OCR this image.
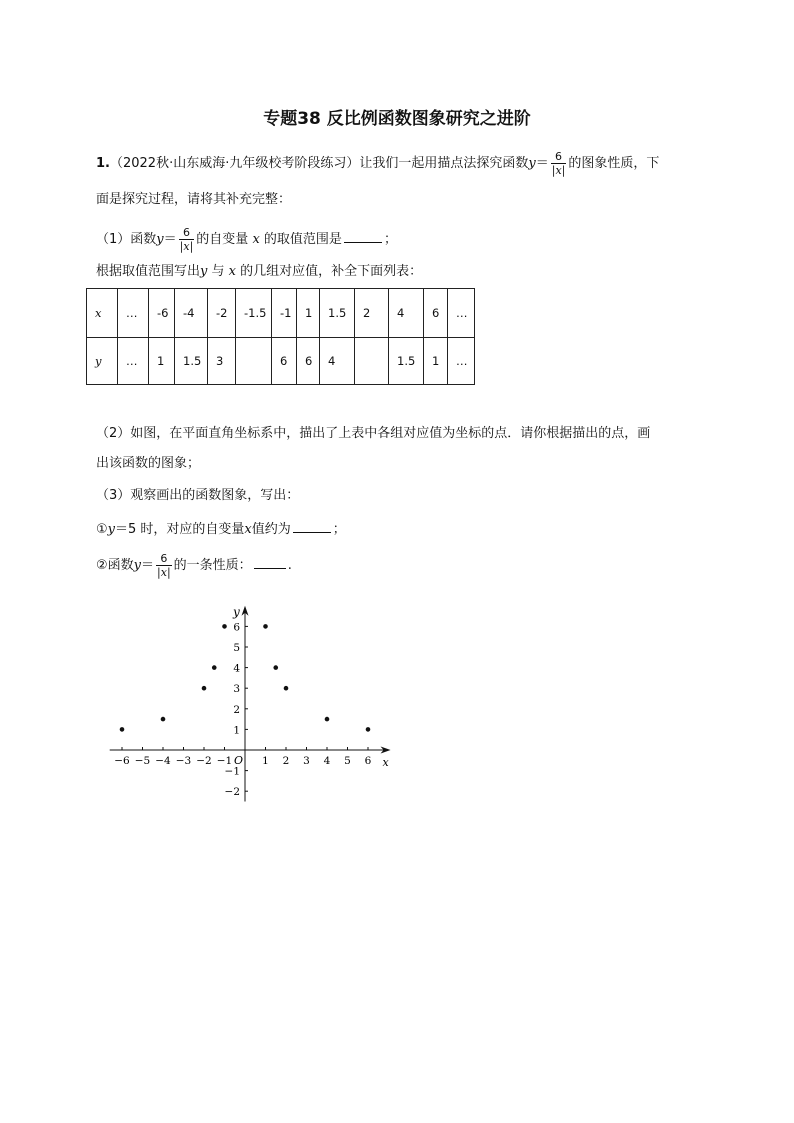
专题38 反比例函数图象研究之进阶
1.（2022秋·山东威海·九年级校考阶段练习）让我们一起用描点法探究函数$y= \frac{6}{|x|}$ 的图象性质，下
面是探究过程，请将其补充完整：
（1）函数$y= \frac{6}{|x|}$ 的自变量 x 的取值范围是	；
根据取值范围写出y 与 x 的几组对应值，补全下面列表：
x	…	-6	-4	-2	-1.5	-1	1	1.5	2	4	6	…
y	…	1	1.5	3		6	6	4		1.5	1	…
（2）如图，在平面直角坐标系中，描出了上表中各组对应值为坐标的点．请你根据描出的点，画
出该函数的图象；
（3）观察画出的函数图象，写出：
①y＝5 时，对应的自变量x值约为	；
②函数$y= \frac{6}{|x|}$ 的一条性质：	.
−6 −5 −4 −3 −2 −1	1 2 3 4 5 6
−2
−1
1
2
3
4
5
6
x
y
O
